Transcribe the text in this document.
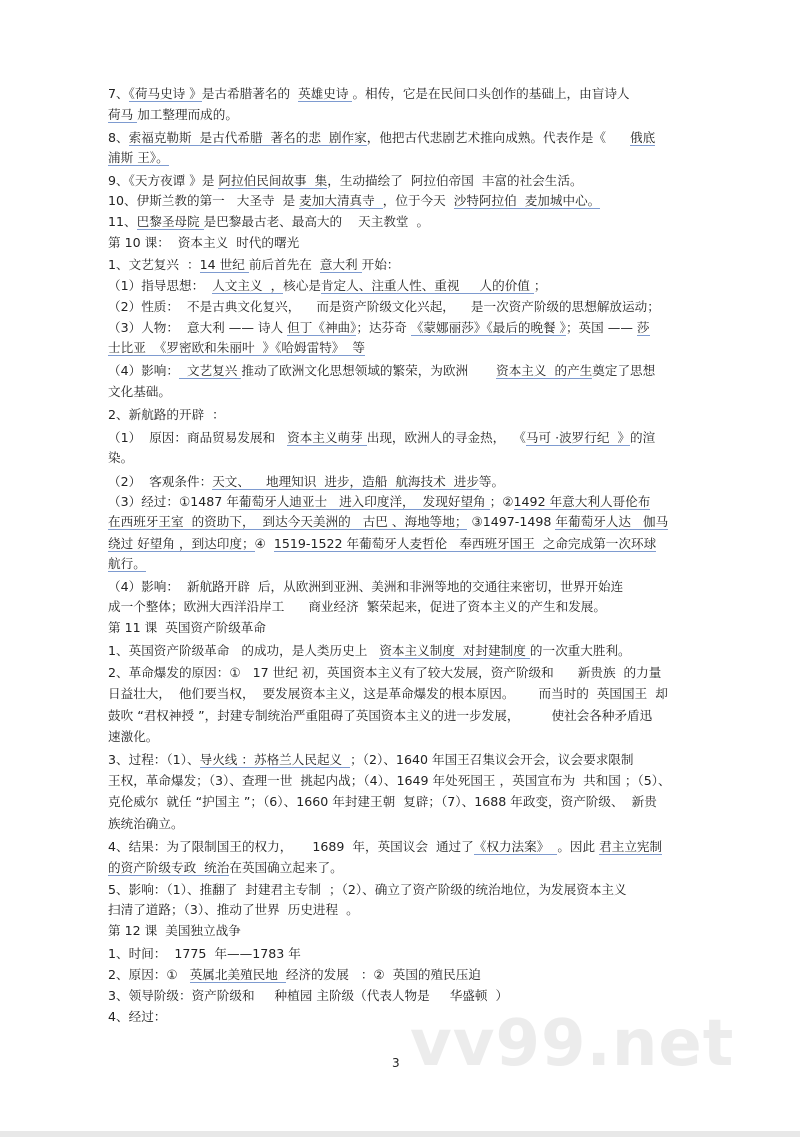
7、《荷马史诗 》是古希腊著名的  英雄史诗 。相传，它是在民间口头创作的基础上，由盲诗人
荷马 加工整理而成的。
8、索福克勒斯  是古代希腊  著名的悲  剧作家，他把古代悲剧艺术推向成熟。代表作是《      俄底
浦斯 王》。
9、《天方夜谭 》是 阿拉伯民间故事  集，生动描绘了  阿拉伯帝国  丰富的社会生活。
10、伊斯兰教的第一   大圣寺  是 麦加大清真寺  ，位于今天  沙特阿拉伯  麦加城中心。
11、巴黎圣母院 是巴黎最古老、最高大的    天主教堂  。
第 10 课：  资本主义  时代的曙光
1、文艺复兴  ：14 世纪 前后首先在  意大利 开始：
（1）指导思想：  人文主义  ，核心是肯定人、注重人性、重视     人的价值 ；
（2）性质：  不是古典文化复兴，    而是资产阶级文化兴起，    是一次资产阶级的思想解放运动；
（3）人物：  意大利 —— 诗人 但丁《神曲》；达芬奇 《蒙娜丽莎》《最后的晚餐 》；英国 —— 莎
士比亚  《罗密欧和朱丽叶  》《哈姆雷特》  等
（4）影响：  文艺复兴 推动了欧洲文化思想领域的繁荣，为欧洲       资本主义  的产生奠定了思想
文化基础。
2、新航路的开辟  ：
（1）  原因：商品贸易发展和   资本主义萌芽 出现，欧洲人的寻金热，  《马可 ·波罗行纪  》的渲
染。
（2）  客观条件：天文、    地理知识  进步，造船  航海技术  进步等。
（3）经过：①1487 年葡萄牙人迪亚士   进入印度洋，  发现好望角 ；②1492 年意大利人哥伦布
在西班牙王室  的资助下，  到达今天美洲的   古巴 、海地等地； ③1497-1498 年葡萄牙人达   伽马
绕过 好望角 ，到达印度；④  1519-1522 年葡萄牙人麦哲伦   奉西班牙国王  之命完成第一次环球
航行。
（4）影响：  新航路开辟  后，从欧洲到亚洲、美洲和非洲等地的交通往来密切，世界开始连
成一个整体；欧洲大西洋沿岸工      商业经济  繁荣起来，促进了资本主义的产生和发展。
第 11 课  英国资产阶级革命
1、英国资产阶级革命   的成功，是人类历史上   资本主义制度  对封建制度 的一次重大胜利。
2、革命爆发的原因：①   17 世纪 初，英国资本主义有了较大发展，资产阶级和      新贵族  的力量
日益壮大，  他们要当权，  要发展资本主义，这是革命爆发的根本原因。      而当时的  英国国王  却
鼓吹 “君权神授 ”，封建专制统治严重阻碍了英国资本主义的进一步发展，        使社会各种矛盾迅
速激化。
3、过程：（1）、导火线 ：苏格兰人民起义  ；（2）、1640 年国王召集议会开会，议会要求限制
王权，革命爆发；（3）、查理一世  挑起内战；（4）、1649 年处死国王 ，英国宣布为  共和国 ；（5）、
克伦威尔  就任 “护国主 ”；（6）、1660 年封建王朝  复辟；（7）、1688 年政变，资产阶级、  新贵
族统治确立。
4、结果：为了限制国王的权力，     1689  年，英国议会  通过了《权力法案》  。因此 君主立宪制
的资产阶级专政  统治在英国确立起来了。
5、影响：（1）、推翻了  封建君主专制  ；（2）、确立了资产阶级的统治地位，为发展资本主义
扫清了道路；（3）、推动了世界  历史进程  。
第 12 课  美国独立战争
1、时间：  1775  年——1783 年
2、原因：①   英属北美殖民地  经济的发展   ：②  英国的殖民压迫
3、领导阶级：资产阶级和     种植园 主阶级（代表人物是     华盛顿  ）
4、经过：
3 vv99.net
